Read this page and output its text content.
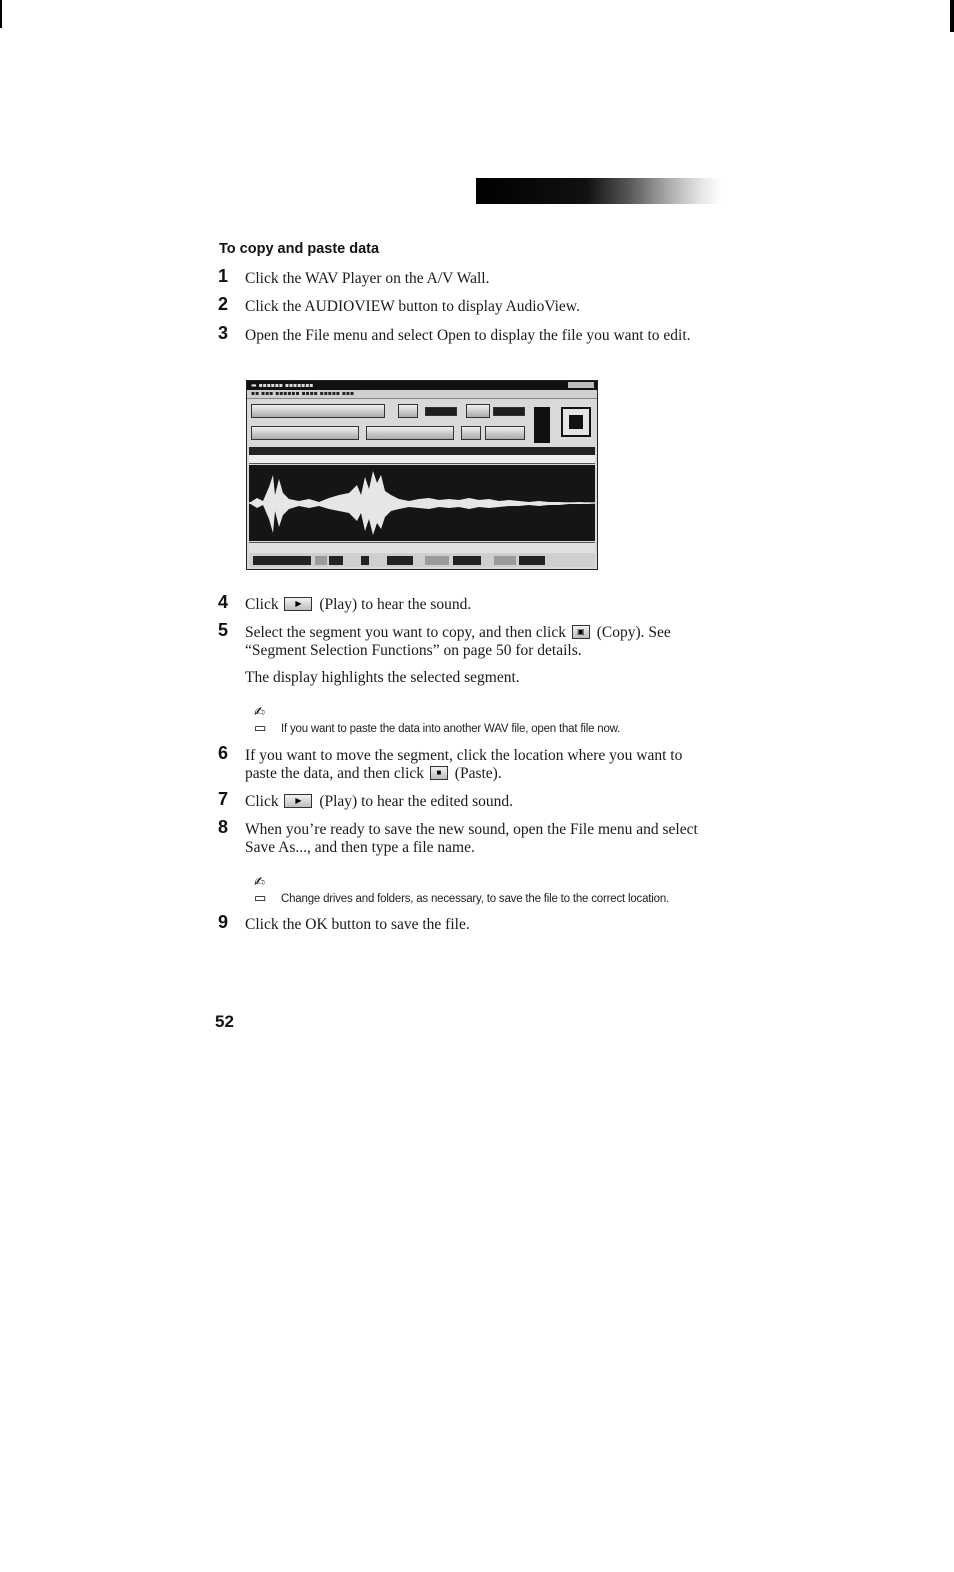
To copy and paste data
1	Click the WAV Player on the A/V Wall.
2	Click the AUDIOVIEW button to display AudioView.
3	Open the File menu and select Open to display the file you want to edit.
▬ ▪▪▪▪▪▪ ▪▪▪▪▪▪▪
▪▪ ▪▪▪ ▪▪▪▪▪▪ ▪▪▪▪ ▪▪▪▪▪ ▪▪▪
4	Click ▶ (Play) to hear the sound.
5	Select the segment you want to copy, and then click ▣ (Copy). See “Segment Selection Functions” on page 50 for details.
The display highlights the selected segment.
✍▭ If you want to paste the data into another WAV file, open that file now.
6	If you want to move the segment, click the location where you want to paste the data, and then click ■ (Paste).
7	Click ▶ (Play) to hear the edited sound.
8	When you’re ready to save the new sound, open the File menu and select Save As..., and then type a file name.
✍▭ Change drives and folders, as necessary, to save the file to the correct location.
9	Click the OK button to save the file.
52
